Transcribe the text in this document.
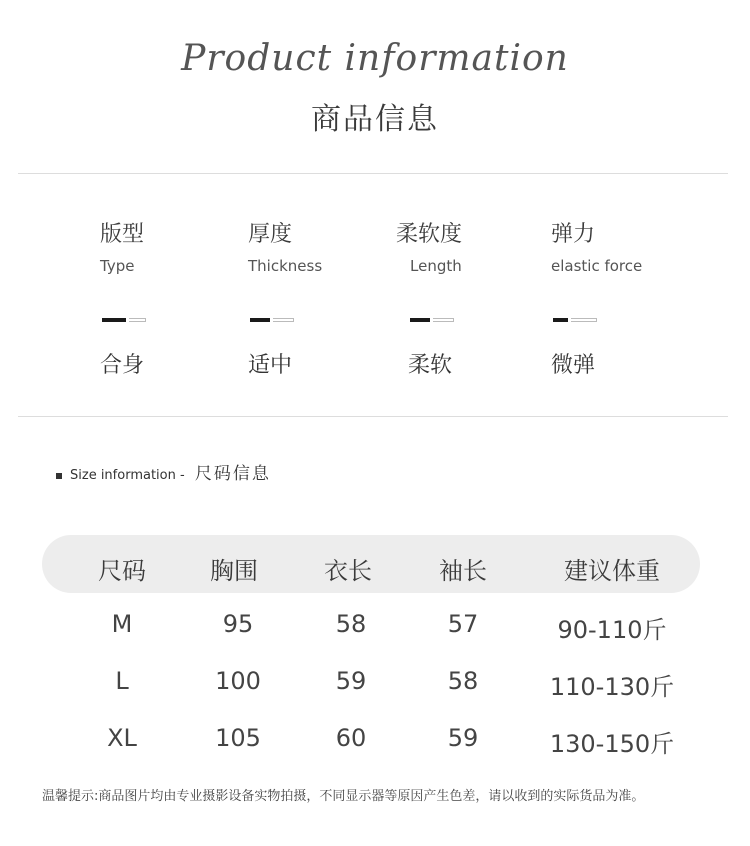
Product information
商品信息
版型
Type
合身
厚度
Thickness
适中
柔软度
Length
柔软
弹力
elastic force
微弹
Size information - 尺码信息
尺码	胸围	衣长	袖长	建议体重
M	95	58	57	90-110斤
L	100	59	58	110-130斤
XL	105	60	59	130-150斤
温馨提示:商品图片均由专业摄影设备实物拍摄，不同显示器等原因产生色差，请以收到的实际货品为准。
